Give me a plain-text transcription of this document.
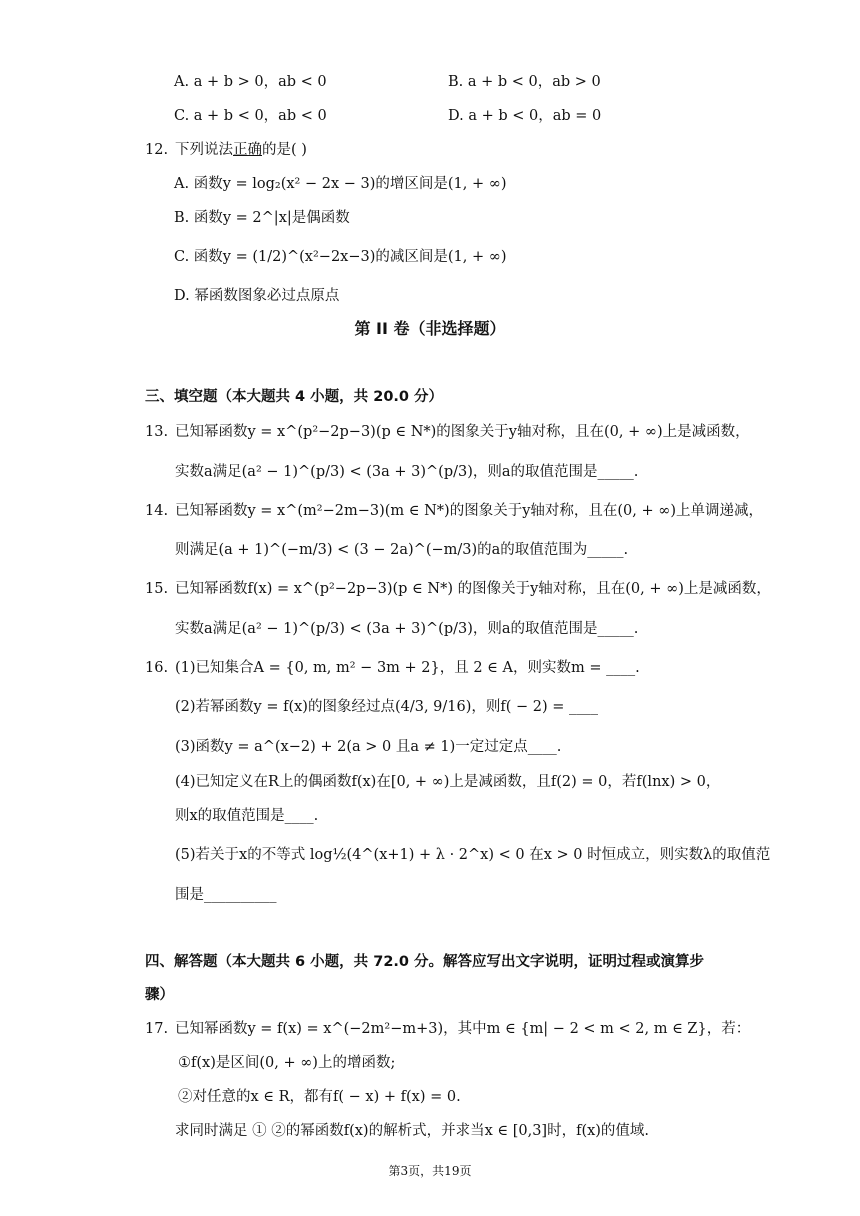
A. a + b > 0，ab < 0	B. a + b < 0，ab > 0
C. a + b < 0，ab < 0	D. a + b < 0，ab = 0
12. 下列说法正确的是( )
A. 函数y = log₂(x² − 2x − 3)的增区间是(1, + ∞)
B. 函数y = 2^|x|是偶函数
C. 函数y = (1/2)^(x²−2x−3)的减区间是(1, + ∞)
D. 幂函数图象必过点原点
第 II 卷（非选择题）
三、填空题（本大题共 4 小题，共 20.0 分）
13. 已知幂函数y = x^(p²−2p−3)(p ∈ N*)的图象关于y轴对称，且在(0, + ∞)上是减函数，
实数a满足(a² − 1)^(p/3) < (3a + 3)^(p/3)，则a的取值范围是_____.
14. 已知幂函数y = x^(m²−2m−3)(m ∈ N*)的图象关于y轴对称，且在(0, + ∞)上单调递减，
则满足(a + 1)^(−m/3) < (3 − 2a)^(−m/3)的a的取值范围为_____.
15. 已知幂函数f(x) = x^(p²−2p−3)(p ∈ N*) 的图像关于y轴对称，且在(0, + ∞)上是减函数，
实数a满足(a² − 1)^(p/3) < (3a + 3)^(p/3)，则a的取值范围是_____.
16. (1)已知集合A = {0, m, m² − 3m + 2}，且 2 ∈ A，则实数m = ____.
(2)若幂函数y = f(x)的图象经过点(4/3, 9/16)，则f( − 2) = ____
(3)函数y = a^(x−2) + 2(a > 0 且a ≠ 1)一定过定点____.
(4)已知定义在R上的偶函数f(x)在[0, + ∞)上是减函数，且f(2) = 0，若f(lnx) > 0，
则x的取值范围是____.
(5)若关于x的不等式 log½(4^(x+1) + λ · 2^x) < 0 在x > 0 时恒成立，则实数λ的取值范
围是__________
四、解答题（本大题共 6 小题，共 72.0 分。解答应写出文字说明，证明过程或演算步
骤）
17. 已知幂函数y = f(x) = x^(−2m²−m+3)，其中m ∈ {m| − 2 < m < 2, m ∈ Z}，若：
①f(x)是区间(0, + ∞)上的增函数;
②对任意的x ∈ R，都有f( − x) + f(x) = 0.
求同时满足 ① ②的幂函数f(x)的解析式，并求当x ∈ [0,3]时，f(x)的值域.
第3页，共19页
